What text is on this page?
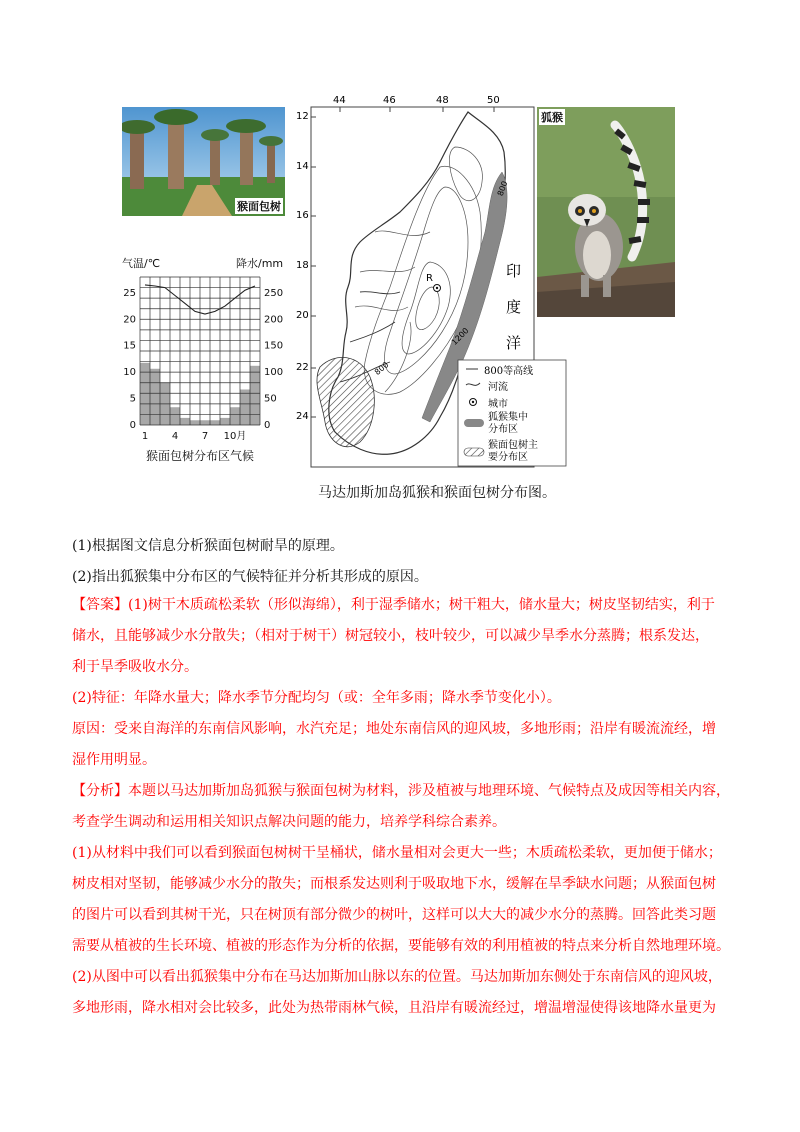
猴面包树
狐猴
气温/℃	降水/mm
25
20
15
10
5
0
250
200
150
100
50
0
1 4 7 10月
猴面包树分布区气候
44	46	48	50
12
14
16
18
20
22
24
800
1200
800
R	印
度
洋
800等高线
河流
城市
狐猴集中分布区
猴面包树主要分布区
马达加斯加岛狐猴和猴面包树分布图。
(1)根据图文信息分析猴面包树耐旱的原理。
(2)指出狐猴集中分布区的气候特征并分析其形成的原因。
【答案】(1)树干木质疏松柔软（形似海绵），利于湿季储水；树干粗大，储水量大；树皮坚韧结实，利于
储水，且能够减少水分散失；（相对于树干）树冠较小，枝叶较少，可以减少旱季水分蒸腾；根系发达，
利于旱季吸收水分。
(2)特征：年降水量大；降水季节分配均匀（或：全年多雨；降水季节变化小）。
原因：受来自海洋的东南信风影响，水汽充足；地处东南信风的迎风坡，多地形雨；沿岸有暖流流经，增
湿作用明显。
【分析】本题以马达加斯加岛狐猴与猴面包树为材料，涉及植被与地理环境、气候特点及成因等相关内容，
考查学生调动和运用相关知识点解决问题的能力，培养学科综合素养。
(1)从材料中我们可以看到猴面包树树干呈桶状，储水量相对会更大一些；木质疏松柔软，更加便于储水；
树皮相对坚韧，能够减少水分的散失；而根系发达则利于吸取地下水，缓解在旱季缺水问题；从猴面包树
的图片可以看到其树干光，只在树顶有部分微少的树叶，这样可以大大的减少水分的蒸腾。回答此类习题
需要从植被的生长环境、植被的形态作为分析的依据，要能够有效的利用植被的特点来分析自然地理环境。
(2)从图中可以看出狐猴集中分布在马达加斯加山脉以东的位置。马达加斯加东侧处于东南信风的迎风坡，
多地形雨，降水相对会比较多，此处为热带雨林气候，且沿岸有暖流经过，增温增湿使得该地降水量更为
